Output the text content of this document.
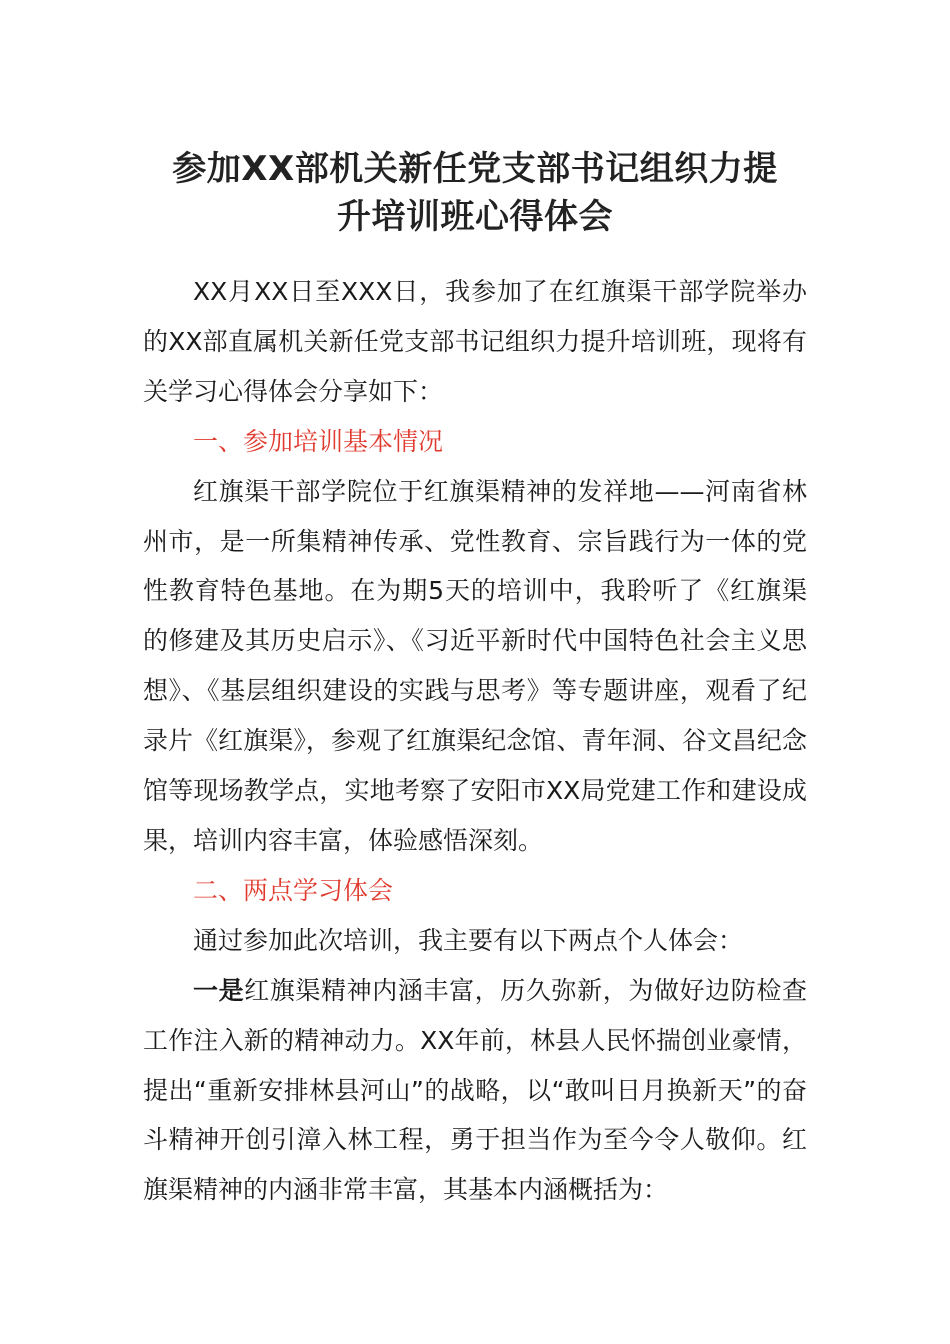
参加XX部机关新任党支部书记组织力提
升培训班心得体会

XX月XX日至XXX日，我参加了在红旗渠干部学院举办的XX部直属机关新任党支部书记组织力提升培训班，现将有关学习心得体会分享如下：

一、参加培训基本情况

红旗渠干部学院位于红旗渠精神的发祥地——河南省林州市，是一所集精神传承、党性教育、宗旨践行为一体的党性教育特色基地。在为期5天的培训中，我聆听了《红旗渠的修建及其历史启示》、《习近平新时代中国特色社会主义思想》、《基层组织建设的实践与思考》等专题讲座，观看了纪录片《红旗渠》，参观了红旗渠纪念馆、青年洞、谷文昌纪念馆等现场教学点，实地考察了安阳市XX局党建工作和建设成果，培训内容丰富，体验感悟深刻。

二、两点学习体会

通过参加此次培训，我主要有以下两点个人体会：

一是红旗渠精神内涵丰富，历久弥新，为做好边防检查工作注入新的精神动力。XX年前，林县人民怀揣创业豪情，提出“重新安排林县河山”的战略，以“敢叫日月换新天”的奋斗精神开创引漳入林工程，勇于担当作为至今令人敬仰。红旗渠精神的内涵非常丰富，其基本内涵概括为：
